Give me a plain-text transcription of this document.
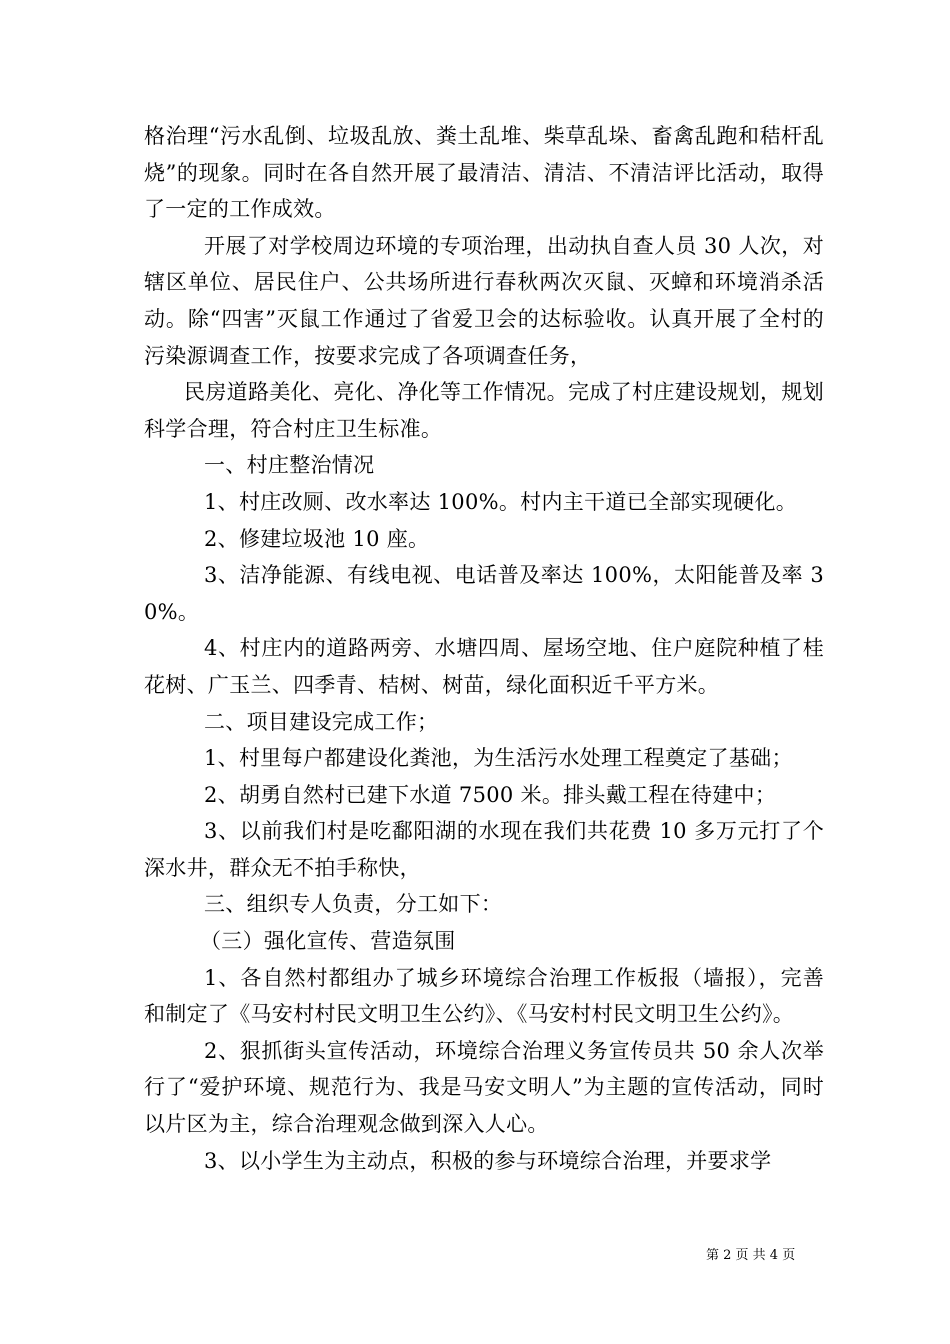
格治理“污水乱倒、垃圾乱放、粪土乱堆、柴草乱垛、畜禽乱跑和秸杆乱烧”的现象。同时在各自然开展了最清洁、清洁、不清洁评比活动，取得了一定的工作成效。

开展了对学校周边环境的专项治理，出动执自查人员 30 人次，对辖区单位、居民住户、公共场所进行春秋两次灭鼠、灭蟑和环境消杀活动。除“四害”灭鼠工作通过了省爱卫会的达标验收。认真开展了全村的污染源调查工作，按要求完成了各项调查任务，

民房道路美化、亮化、净化等工作情况。完成了村庄建设规划，规划科学合理，符合村庄卫生标准。

一、村庄整治情况

1、村庄改厕、改水率达 100%。村内主干道已全部实现硬化。

2、修建垃圾池 10 座。

3、洁净能源、有线电视、电话普及率达 100%，太阳能普及率 30%。

4、村庄内的道路两旁、水塘四周、屋场空地、住户庭院种植了桂花树、广玉兰、四季青、桔树、树苗，绿化面积近千平方米。

二、项目建设完成工作；

1、村里每户都建设化粪池，为生活污水处理工程奠定了基础；

2、胡勇自然村已建下水道 7500 米。排头戴工程在待建中；

3、以前我们村是吃鄱阳湖的水现在我们共花费 10 多万元打了个深水井，群众无不拍手称快，

三、组织专人负责，分工如下：

（三）强化宣传、营造氛围

1、各自然村都组办了城乡环境综合治理工作板报（墙报），完善和制定了《马安村村民文明卫生公约》、《马安村村民文明卫生公约》。

2、狠抓街头宣传活动，环境综合治理义务宣传员共 50 余人次举行了“爱护环境、规范行为、我是马安文明人”为主题的宣传活动，同时以片区为主，综合治理观念做到深入人心。

3、以小学生为主动点，积极的参与环境综合治理，并要求学

第 2 页 共 4 页
